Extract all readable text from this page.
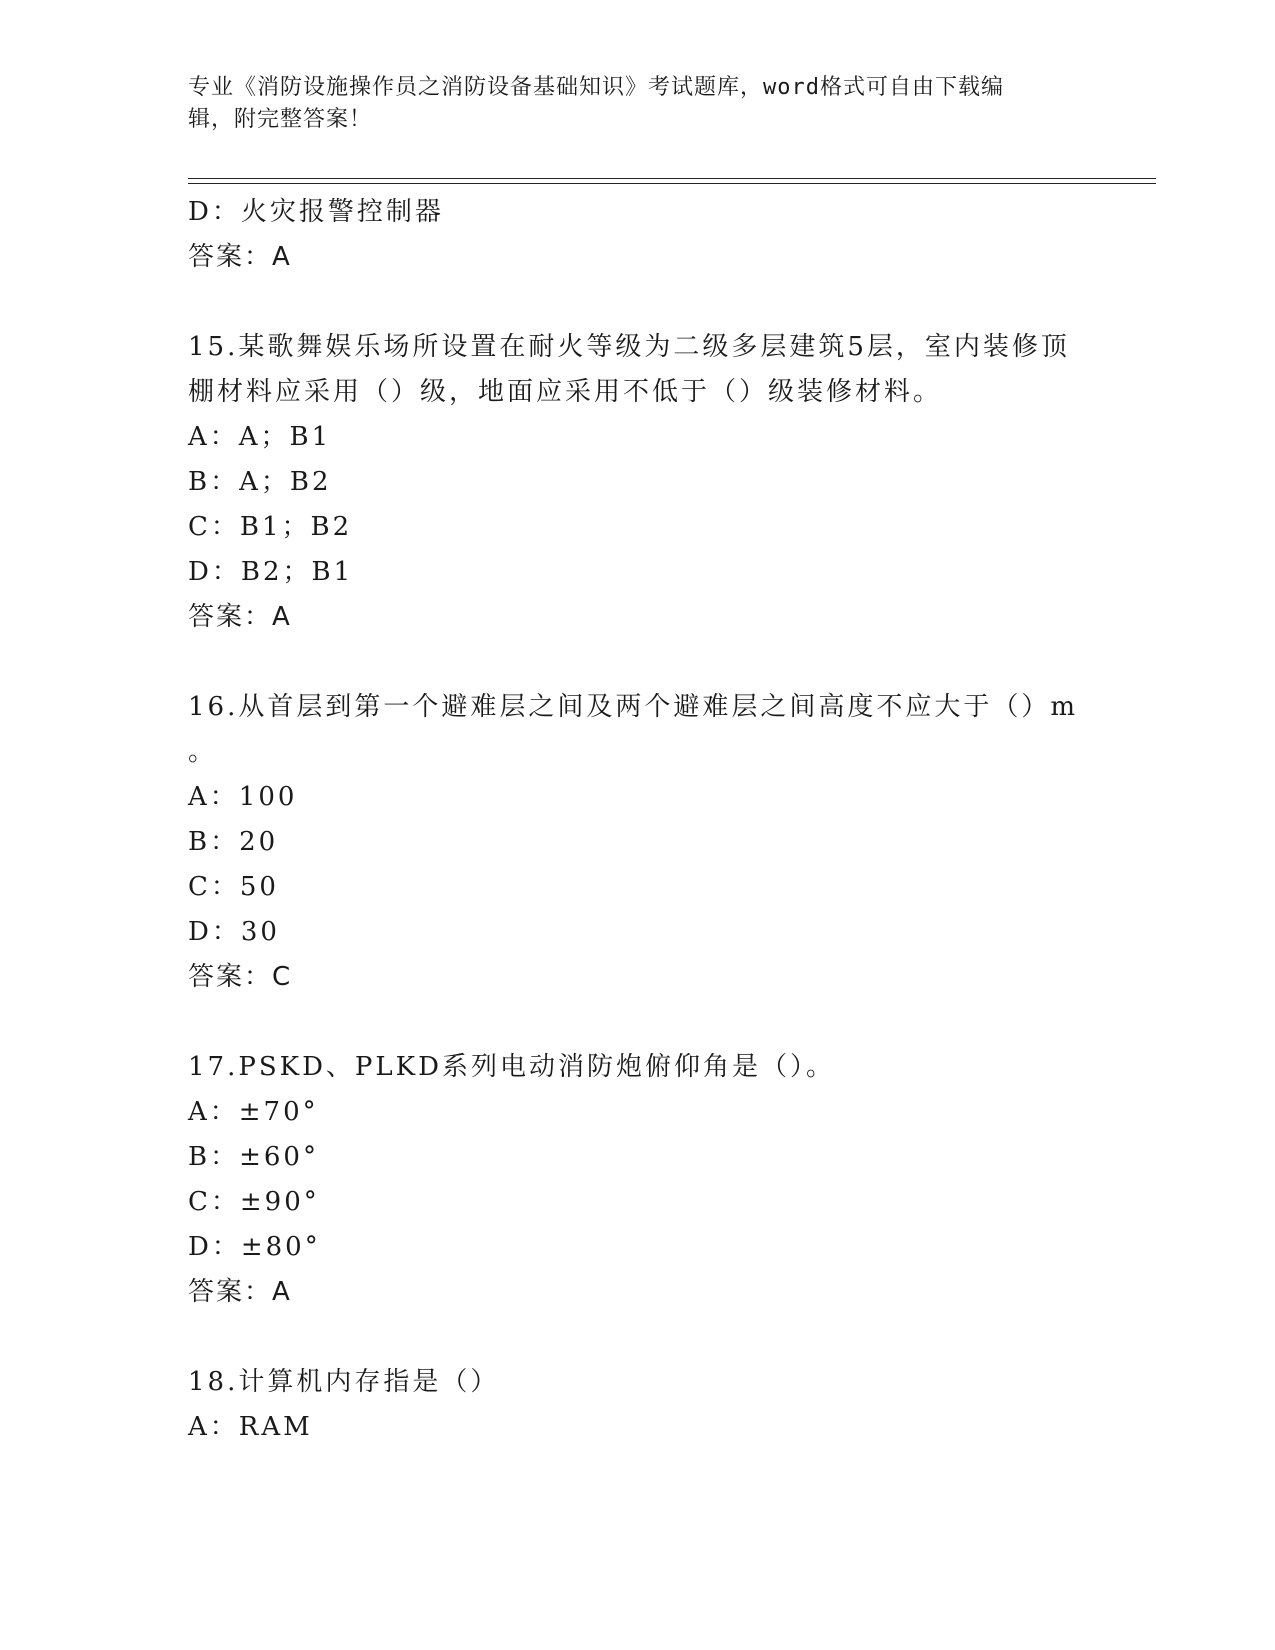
专业《消防设施操作员之消防设备基础知识》考试题库，word格式可自由下载编
辑，附完整答案！
D：火灾报警控制器
答案：A
15.某歌舞娱乐场所设置在耐火等级为二级多层建筑5层，室内装修顶
棚材料应采用（）级，地面应采用不低于（）级装修材料。
A：A；B1
B：A；B2
C：B1；B2
D：B2；B1
答案：A
16.从首层到第一个避难层之间及两个避难层之间高度不应大于（）m
。
A：100
B：20
C：50
D：30
答案：C
17.PSKD、PLKD系列电动消防炮俯仰角是（）。
A：±70°
B：±60°
C：±90°
D：±80°
答案：A
18.计算机内存指是（）
A：RAM
